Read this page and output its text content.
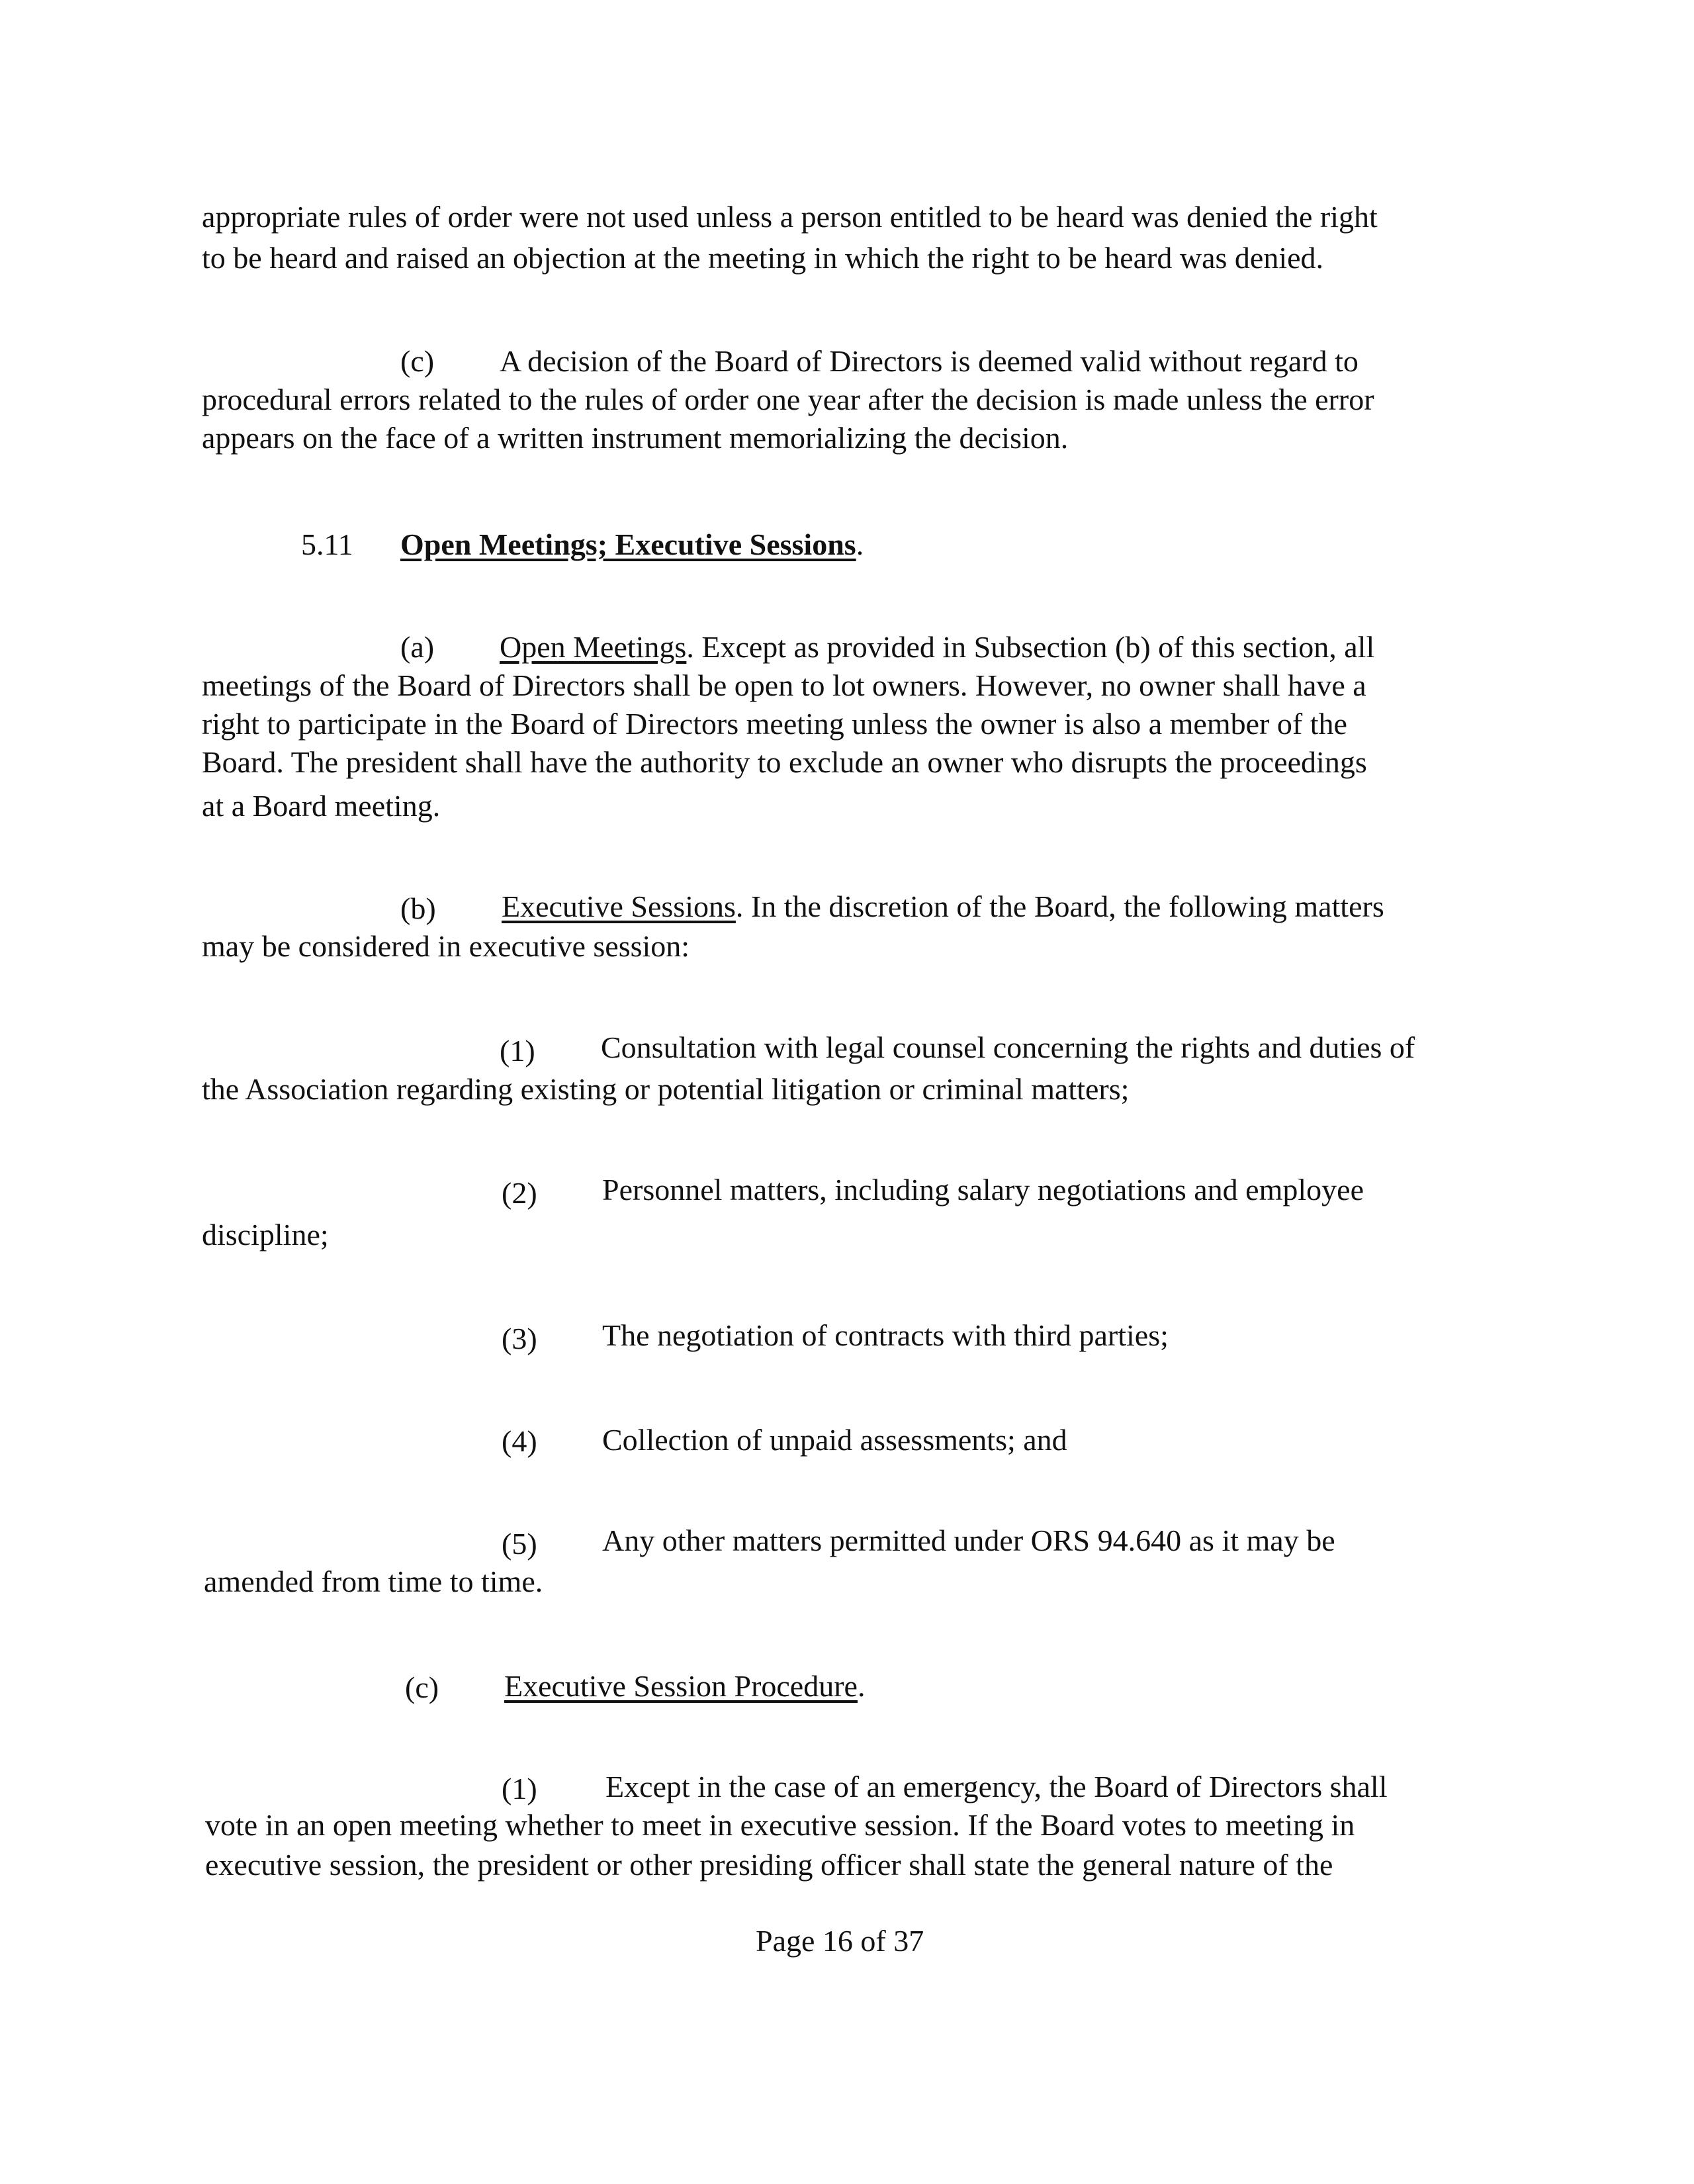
appropriate rules of order were not used unless a person entitled to be heard was denied the right
to be heard and raised an objection at the meeting in which the right to be heard was denied.
(c) A decision of the Board of Directors is deemed valid without regard to
procedural errors related to the rules of order one year after the decision is made unless the error
appears on the face of a written instrument memorializing the decision.
5.11 Open Meetings; Executive Sessions.
(a) Open Meetings. Except as provided in Subsection (b) of this section, all
meetings of the Board of Directors shall be open to lot owners. However, no owner shall have a
right to participate in the Board of Directors meeting unless the owner is also a member of the
Board. The president shall have the authority to exclude an owner who disrupts the proceedings
at a Board meeting.
(b) Executive Sessions. In the discretion of the Board, the following matters
may be considered in executive session:
(1) Consultation with legal counsel concerning the rights and duties of
the Association regarding existing or potential litigation or criminal matters;
(2) Personnel matters, including salary negotiations and employee
discipline;
(3) The negotiation of contracts with third parties;
(4) Collection of unpaid assessments; and
(5) Any other matters permitted under ORS 94.640 as it may be
amended from time to time.
(c) Executive Session Procedure.
(1) Except in the case of an emergency, the Board of Directors shall
vote in an open meeting whether to meet in executive session. If the Board votes to meeting in
executive session, the president or other presiding officer shall state the general nature of the
Page 16 of 37
